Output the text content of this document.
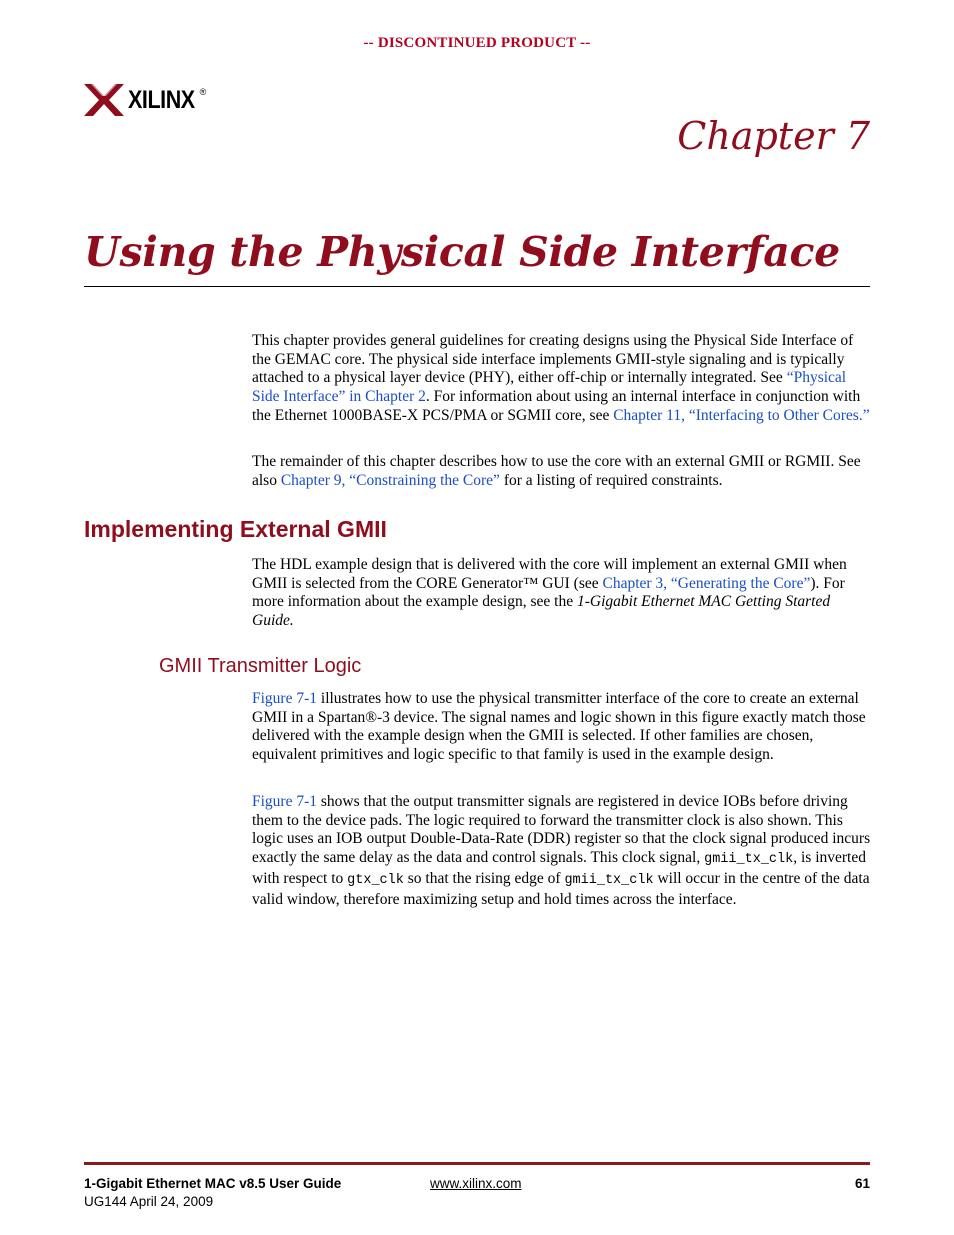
-- DISCONTINUED PRODUCT --
XILINX ®
Chapter 7
Using the Physical Side Interface

This chapter provides general guidelines for creating designs using the Physical Side Interface of the GEMAC core. The physical side interface implements GMII-style signaling and is typically attached to a physical layer device (PHY), either off-chip or internally integrated. See “Physical Side Interface” in Chapter 2. For information about using an internal interface in conjunction with the Ethernet 1000BASE-X PCS/PMA or SGMII core, see Chapter 11, “Interfacing to Other Cores.”

The remainder of this chapter describes how to use the core with an external GMII or RGMII. See also Chapter 9, “Constraining the Core” for a listing of required constraints.

Implementing External GMII

The HDL example design that is delivered with the core will implement an external GMII when GMII is selected from the CORE Generator™ GUI (see Chapter 3, “Generating the Core”). For more information about the example design, see the 1-Gigabit Ethernet MAC Getting Started Guide.

GMII Transmitter Logic

Figure 7-1 illustrates how to use the physical transmitter interface of the core to create an external GMII in a Spartan®-3 device. The signal names and logic shown in this figure exactly match those delivered with the example design when the GMII is selected. If other families are chosen, equivalent primitives and logic specific to that family is used in the example design.

Figure 7-1 shows that the output transmitter signals are registered in device IOBs before driving them to the device pads. The logic required to forward the transmitter clock is also shown. This logic uses an IOB output Double-Data-Rate (DDR) register so that the clock signal produced incurs exactly the same delay as the data and control signals. This clock signal, gmii_tx_clk, is inverted with respect to gtx_clk so that the rising edge of gmii_tx_clk will occur in the centre of the data valid window, therefore maximizing setup and hold times across the interface.

1-Gigabit Ethernet MAC v8.5 User Guide
UG144 April 24, 2009
www.xilinx.com	61
